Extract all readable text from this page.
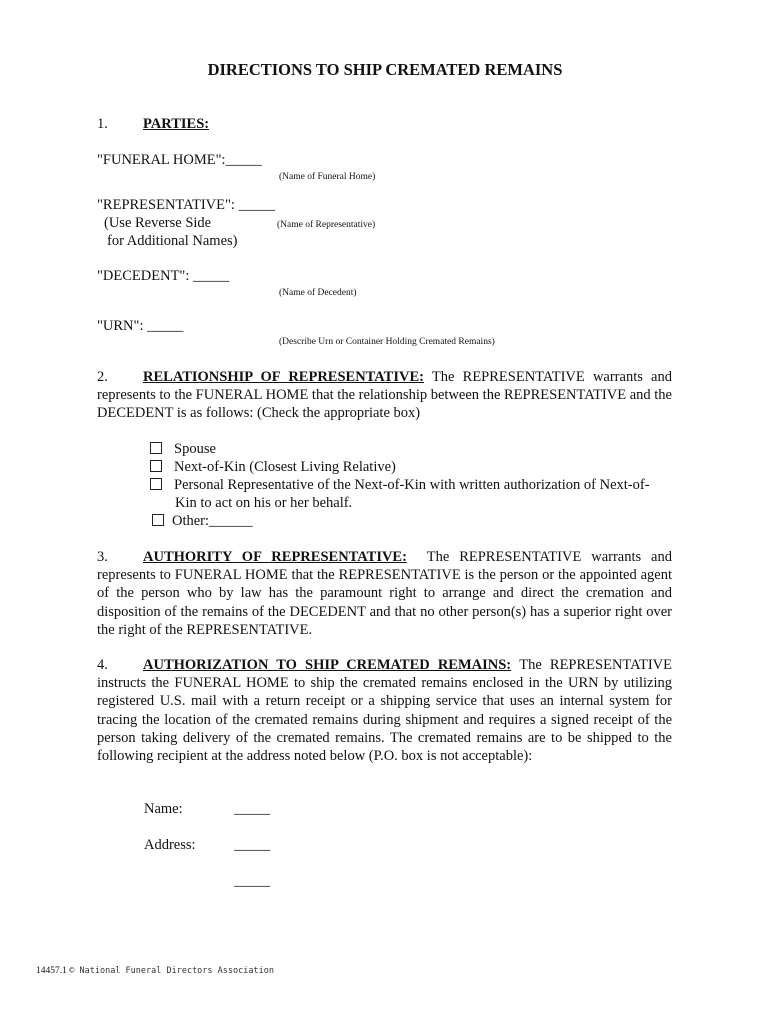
DIRECTIONS TO SHIP CREMATED REMAINS
1. PARTIES:
"FUNERAL HOME":_____
(Name of Funeral Home)
"REPRESENTATIVE": _____
(Use Reverse Side
for Additional Names)
(Name of Representative)
"DECEDENT": _____
(Name of Decedent)
"URN": _____
(Describe Urn or Container Holding Cremated Remains)
2. RELATIONSHIP OF REPRESENTATIVE: The REPRESENTATIVE warrants and
represents to the FUNERAL HOME that the relationship between the REPRESENTATIVE and the DECEDENT is as follows: (Check the appropriate box)
Spouse
Next-of-Kin (Closest Living Relative)
Personal Representative of the Next-of-Kin with written authorization of Next-of-
Kin to act on his or her behalf.
Other:______
3. AUTHORITY OF REPRESENTATIVE: The REPRESENTATIVE warrants and represents to FUNERAL HOME that the REPRESENTATIVE is the person or the appointed agent of the person who by law has the paramount right to arrange and direct the cremation and disposition of the remains of the DECEDENT and that no other person(s) has a superior right over the right of the REPRESENTATIVE.
4. AUTHORIZATION TO SHIP CREMATED REMAINS: The REPRESENTATIVE instructs the FUNERAL HOME to ship the cremated remains enclosed in the URN by utilizing registered U.S. mail with a return receipt or a shipping service that uses an internal system for tracing the location of the cremated remains during shipment and requires a signed receipt of the person taking delivery of the cremated remains. The cremated remains are to be shipped to the following recipient at the address noted below (P.O. box is not acceptable):
Name:	_____
Address:	_____
_____
14457.1 © National Funeral Directors Association
